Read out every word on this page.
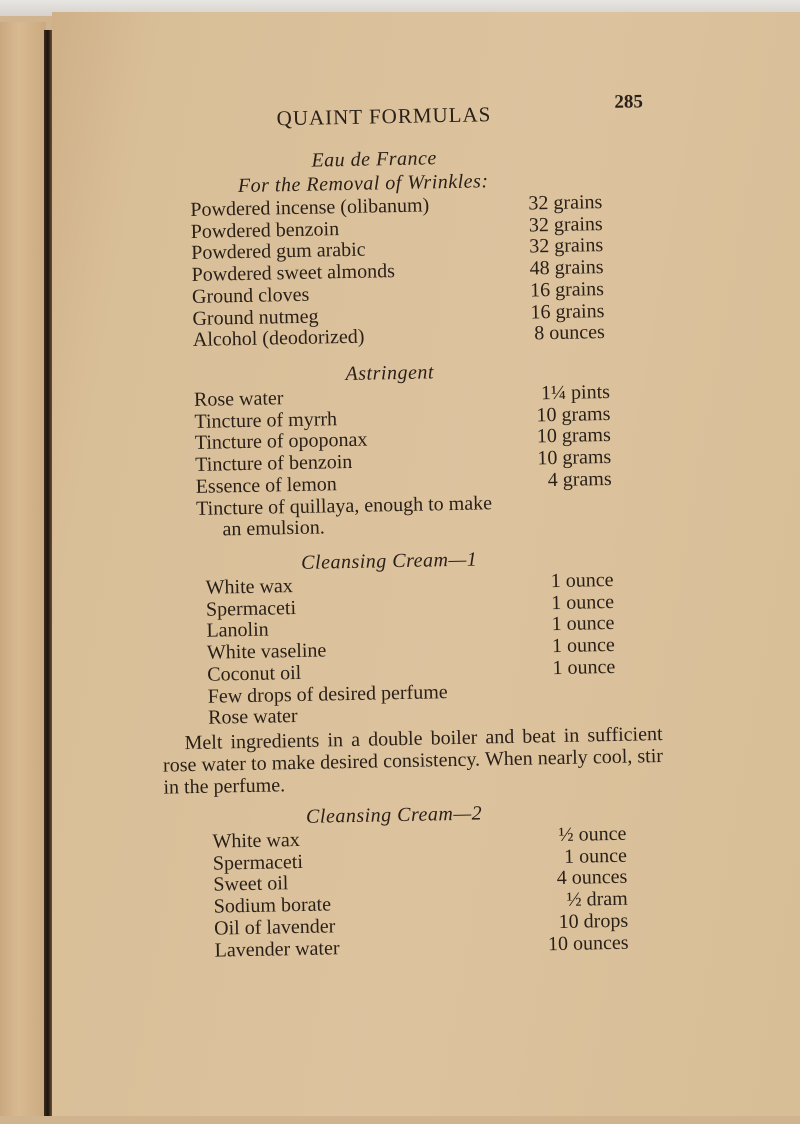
QUAINT FORMULAS
285
Eau de France
For the Removal of Wrinkles:
Powdered incense (olibanum)	32 grains
Powdered benzoin	32 grains
Powdered gum arabic	32 grains
Powdered sweet almonds	48 grains
Ground cloves	16 grains
Ground nutmeg	16 grains
Alcohol (deodorized)	8 ounces
Astringent
Rose water	1¼ pints
Tincture of myrrh	10 grams
Tincture of opoponax	10 grams
Tincture of benzoin	10 grams
Essence of lemon	4 grams
Tincture of quillaya, enough to make
an emulsion.
Cleansing Cream—1
White wax	1 ounce
Spermaceti	1 ounce
Lanolin	1 ounce
White vaseline	1 ounce
Coconut oil	1 ounce
Few drops of desired perfume
Rose water
Melt ingredients in a double boiler and beat in sufficient rose water to make desired consistency. When nearly cool, stir in the perfume.
Cleansing Cream—2
White wax	½ ounce
Spermaceti	1 ounce
Sweet oil	4 ounces
Sodium borate	½ dram
Oil of lavender	10 drops
Lavender water	10 ounces
